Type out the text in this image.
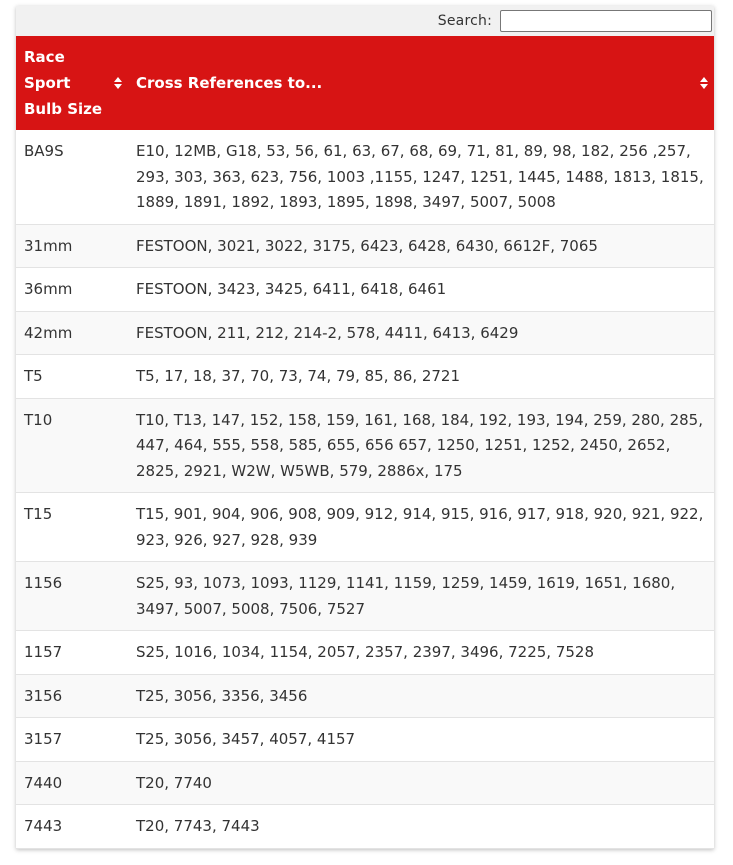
Search:
Race Sport Bulb Size	Cross References to...

BA9S	E10, 12MB, G18, 53, 56, 61, 63, 67, 68, 69, 71, 81, 89, 98, 182, 256 ,257, 293, 303, 363, 623, 756, 1003 ,1155, 1247, 1251, 1445, 1488, 1813, 1815, 1889, 1891, 1892, 1893, 1895, 1898, 3497, 5007, 5008
31mm	FESTOON, 3021, 3022, 3175, 6423, 6428, 6430, 6612F, 7065
36mm	FESTOON, 3423, 3425, 6411, 6418, 6461
42mm	FESTOON, 211, 212, 214-2, 578, 4411, 6413, 6429
T5	T5, 17, 18, 37, 70, 73, 74, 79, 85, 86, 2721
T10	T10, T13, 147, 152, 158, 159, 161, 168, 184, 192, 193, 194, 259, 280, 285, 447, 464, 555, 558, 585, 655, 656 657, 1250, 1251, 1252, 2450, 2652, 2825, 2921, W2W, W5WB, 579, 2886x, 175
T15	T15, 901, 904, 906, 908, 909, 912, 914, 915, 916, 917, 918, 920, 921, 922, 923, 926, 927, 928, 939
1156	S25, 93, 1073, 1093, 1129, 1141, 1159, 1259, 1459, 1619, 1651, 1680, 3497, 5007, 5008, 7506, 7527
1157	S25, 1016, 1034, 1154, 2057, 2357, 2397, 3496, 7225, 7528
3156	T25, 3056, 3356, 3456
3157	T25, 3056, 3457, 4057, 4157
7440	T20, 7740
7443	T20, 7743, 7443
